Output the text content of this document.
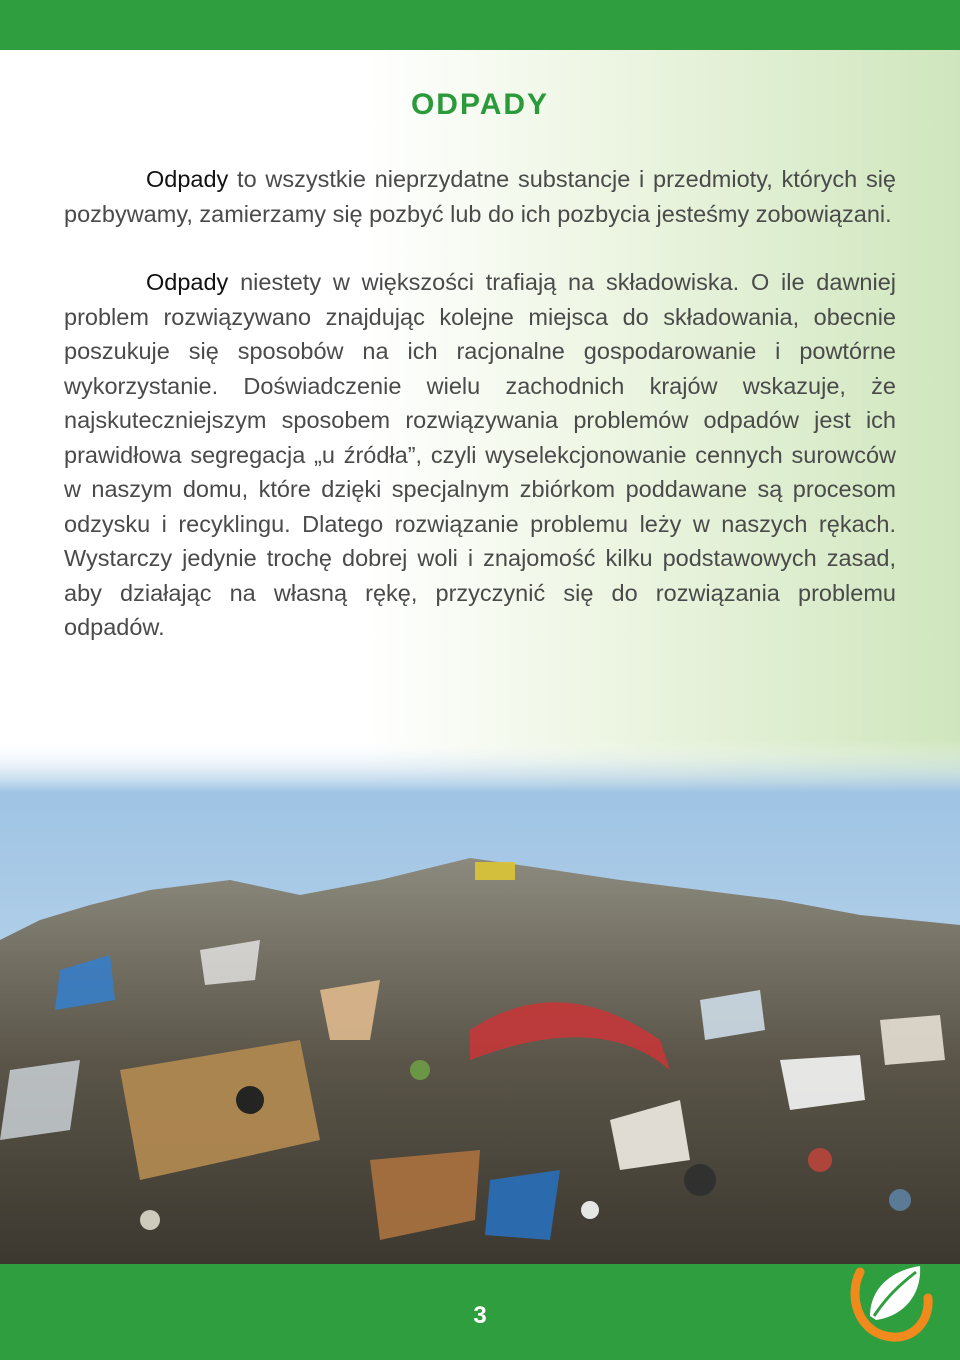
ODPADY

Odpady to wszystkie nieprzydatne substancje i przedmioty, których się pozbywamy, zamierzamy się pozbyć lub do ich pozbycia jesteśmy zobowiązani.

Odpady niestety w większości trafiają na składowiska. O ile dawniej problem rozwiązywano znajdując kolejne miejsca do składowania, obecnie poszukuje się sposobów na ich racjonalne gospodarowanie i powtórne wykorzystanie. Doświadczenie wielu zachodnich krajów wskazuje, że najskuteczniejszym sposobem rozwiązywania problemów odpadów jest ich prawidłowa segregacja „u źródła”, czyli wyselekcjonowanie cennych surowców w naszym domu, które dzięki specjalnym zbiórkom poddawane są procesom odzysku i recyklingu. Dlatego rozwiązanie problemu leży w naszych rękach. Wystarczy jedynie trochę dobrej woli i znajomość kilku podstawowych zasad, aby działając na własną rękę, przyczynić się do rozwiązania problemu odpadów.

3
